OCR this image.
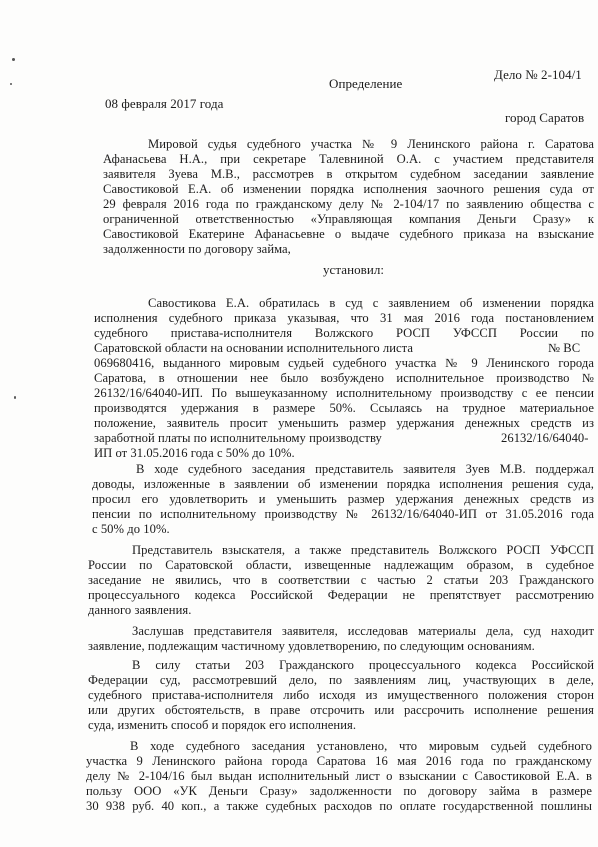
Дело № 2-104/1
Определение
08 февраля 2017 года
город Саратов
Мировой судья судебного участка № 9 Ленинского района г. Саратова
Афанасьева Н.А., при секретаре Талевниной О.А. с участием представителя
заявителя Зуева М.В., рассмотрев в открытом судебном заседании заявление
Савостиковой Е.А. об изменении порядка исполнения заочного решения суда от
29 февраля 2016 года по гражданскому делу № 2-104/17 по заявлению общества с
ограниченной ответственностью «Управляющая компания Деньги Сразу» к
Савостиковой Екатерине Афанасьевне о выдаче судебного приказа на взыскание
задолженности по договору займа,
установил:
Савостикова Е.А. обратилась в суд с заявлением об изменении порядка
исполнения судебного приказа указывая, что 31 мая 2016 года постановлением
судебного пристава-исполнителя Волжского РОСП УФССП России по
Саратовской области на основании исполнительного листа	№ ВС
069680416, выданного мировым судьей судебного участка № 9 Ленинского города
Саратова, в отношении нее было возбуждено исполнительное производство №
26132/16/64040-ИП. По вышеуказанному исполнительному производству с ее пенсии
производятся удержания в размере 50%. Ссылаясь на трудное материальное
положение, заявитель просит уменьшить размер удержания денежных средств из
заработной платы по исполнительному производству	26132/16/64040-
ИП от 31.05.2016 года с 50% до 10%.
В ходе судебного заседания представитель заявителя Зуев М.В. поддержал
доводы, изложенные в заявлении об изменении порядка исполнения решения суда,
просил его удовлетворить и уменьшить размер удержания денежных средств из
пенсии по исполнительному производству № 26132/16/64040-ИП от 31.05.2016 года
с 50% до 10%.
Представитель взыскателя, а также представитель Волжского РОСП УФССП
России по Саратовской области, извещенные надлежащим образом, в судебное
заседание не явились, что в соответствии с частью 2 статьи 203 Гражданского
процессуального кодекса Российской Федерации не препятствует рассмотрению
данного заявления.
Заслушав представителя заявителя, исследовав материалы дела, суд находит
заявление, подлежащим частичному удовлетворению, по следующим основаниям.
В силу статьи 203 Гражданского процессуального кодекса Российской
Федерации суд, рассмотревший дело, по заявлениям лиц, участвующих в деле,
судебного пристава-исполнителя либо исходя из имущественного положения сторон
или других обстоятельств, в праве отсрочить или рассрочить исполнение решения
суда, изменить способ и порядок его исполнения.
В ходе судебного заседания установлено, что мировым судьей судебного
участка 9 Ленинского района города Саратова 16 мая 2016 года по гражданскому
делу № 2-104/16 был выдан исполнительный лист о взыскании с Савостиковой Е.А. в
пользу ООО «УК Деньги Сразу» задолженности по договору займа в размере
30 938 руб. 40 коп., а также судебных расходов по оплате государственной пошлины
